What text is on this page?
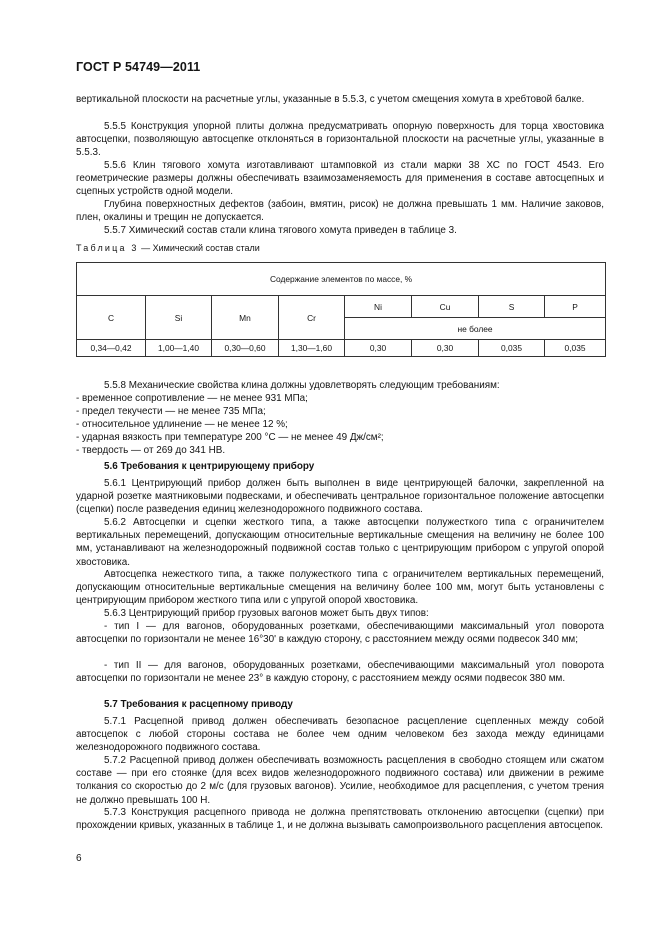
ГОСТ Р 54749—2011
вертикальной плоскости на расчетные углы, указанные в 5.5.3, с учетом смещения хомута в хребтовой балке.
5.5.5 Конструкция упорной плиты должна предусматривать опорную поверхность для торца хвостовика автосцепки, позволяющую автосцепке отклоняться в горизонтальной плоскости на расчетные углы, указанные в 5.5.3.
5.5.6 Клин тягового хомута изготавливают штамповкой из стали марки 38 ХС по ГОСТ 4543. Его геометрические размеры должны обеспечивать взаимозаменяемость для применения в составе автосцепных и сцепных устройств одной модели.
Глубина поверхностных дефектов (забоин, вмятин, рисок) не должна превышать 1 мм. Наличие заковов, плен, окалины и трещин не допускается.
5.5.7 Химический состав стали клина тягового хомута приведен в таблице 3.
Таблица 3 — Химический состав стали
Содержание элементов по массе, %							
C	Si	Mn	Cr	Ni	Cu	S	P
				не более			
0,34—0,42	1,00—1,40	0,30—0,60	1,30—1,60	0,30	0,30	0,035	0,035
5.5.8 Механические свойства клина должны удовлетворять следующим требованиям:
- временное сопротивление — не менее 931 МПа;
- предел текучести — не менее 735 МПа;
- относительное удлинение — не менее 12 %;
- ударная вязкость при температуре 200 °С — не менее 49 Дж/см²;
- твердость — от 269 до 341 НВ.
5.6 Требования к центрирующему прибору
5.6.1 Центрирующий прибор должен быть выполнен в виде центрирующей балочки, закрепленной на ударной розетке маятниковыми подвесками, и обеспечивать центральное горизонтальное положение автосцепки (сцепки) после разведения единиц железнодорожного подвижного состава.
5.6.2 Автосцепки и сцепки жесткого типа, а также автосцепки полужесткого типа с ограничителем вертикальных перемещений, допускающим относительные вертикальные смещения на величину не более 100 мм, устанавливают на железнодорожный подвижной состав только с центрирующим прибором с упругой опорой хвостовика.
Автосцепка нежесткого типа, а также полужесткого типа с ограничителем вертикальных перемещений, допускающим относительные вертикальные смещения на величину более 100 мм, могут быть установлены с центрирующим прибором жесткого типа или с упругой опорой хвостовика.
5.6.3 Центрирующий прибор грузовых вагонов может быть двух типов:
- тип I — для вагонов, оборудованных розетками, обеспечивающими максимальный угол поворота автосцепки по горизонтали не менее 16°30' в каждую сторону, с расстоянием между осями подвесок 340 мм;
- тип II — для вагонов, оборудованных розетками, обеспечивающими максимальный угол поворота автосцепки по горизонтали не менее 23° в каждую сторону, с расстоянием между осями подвесок 380 мм.
5.7 Требования к расцепному приводу
5.7.1 Расцепной привод должен обеспечивать безопасное расцепление сцепленных между собой автосцепок с любой стороны состава не более чем одним человеком без захода между единицами железнодорожного подвижного состава.
5.7.2 Расцепной привод должен обеспечивать возможность расцепления в свободно стоящем или сжатом составе — при его стоянке (для всех видов железнодорожного подвижного состава) или движении в режиме толкания со скоростью до 2 м/с (для грузовых вагонов). Усилие, необходимое для расцепления, с учетом трения не должно превышать 100 Н.
5.7.3 Конструкция расцепного привода не должна препятствовать отклонению автосцепки (сцепки) при прохождении кривых, указанных в таблице 1, и не должна вызывать самопроизвольного расцепления автосцепок.
6
